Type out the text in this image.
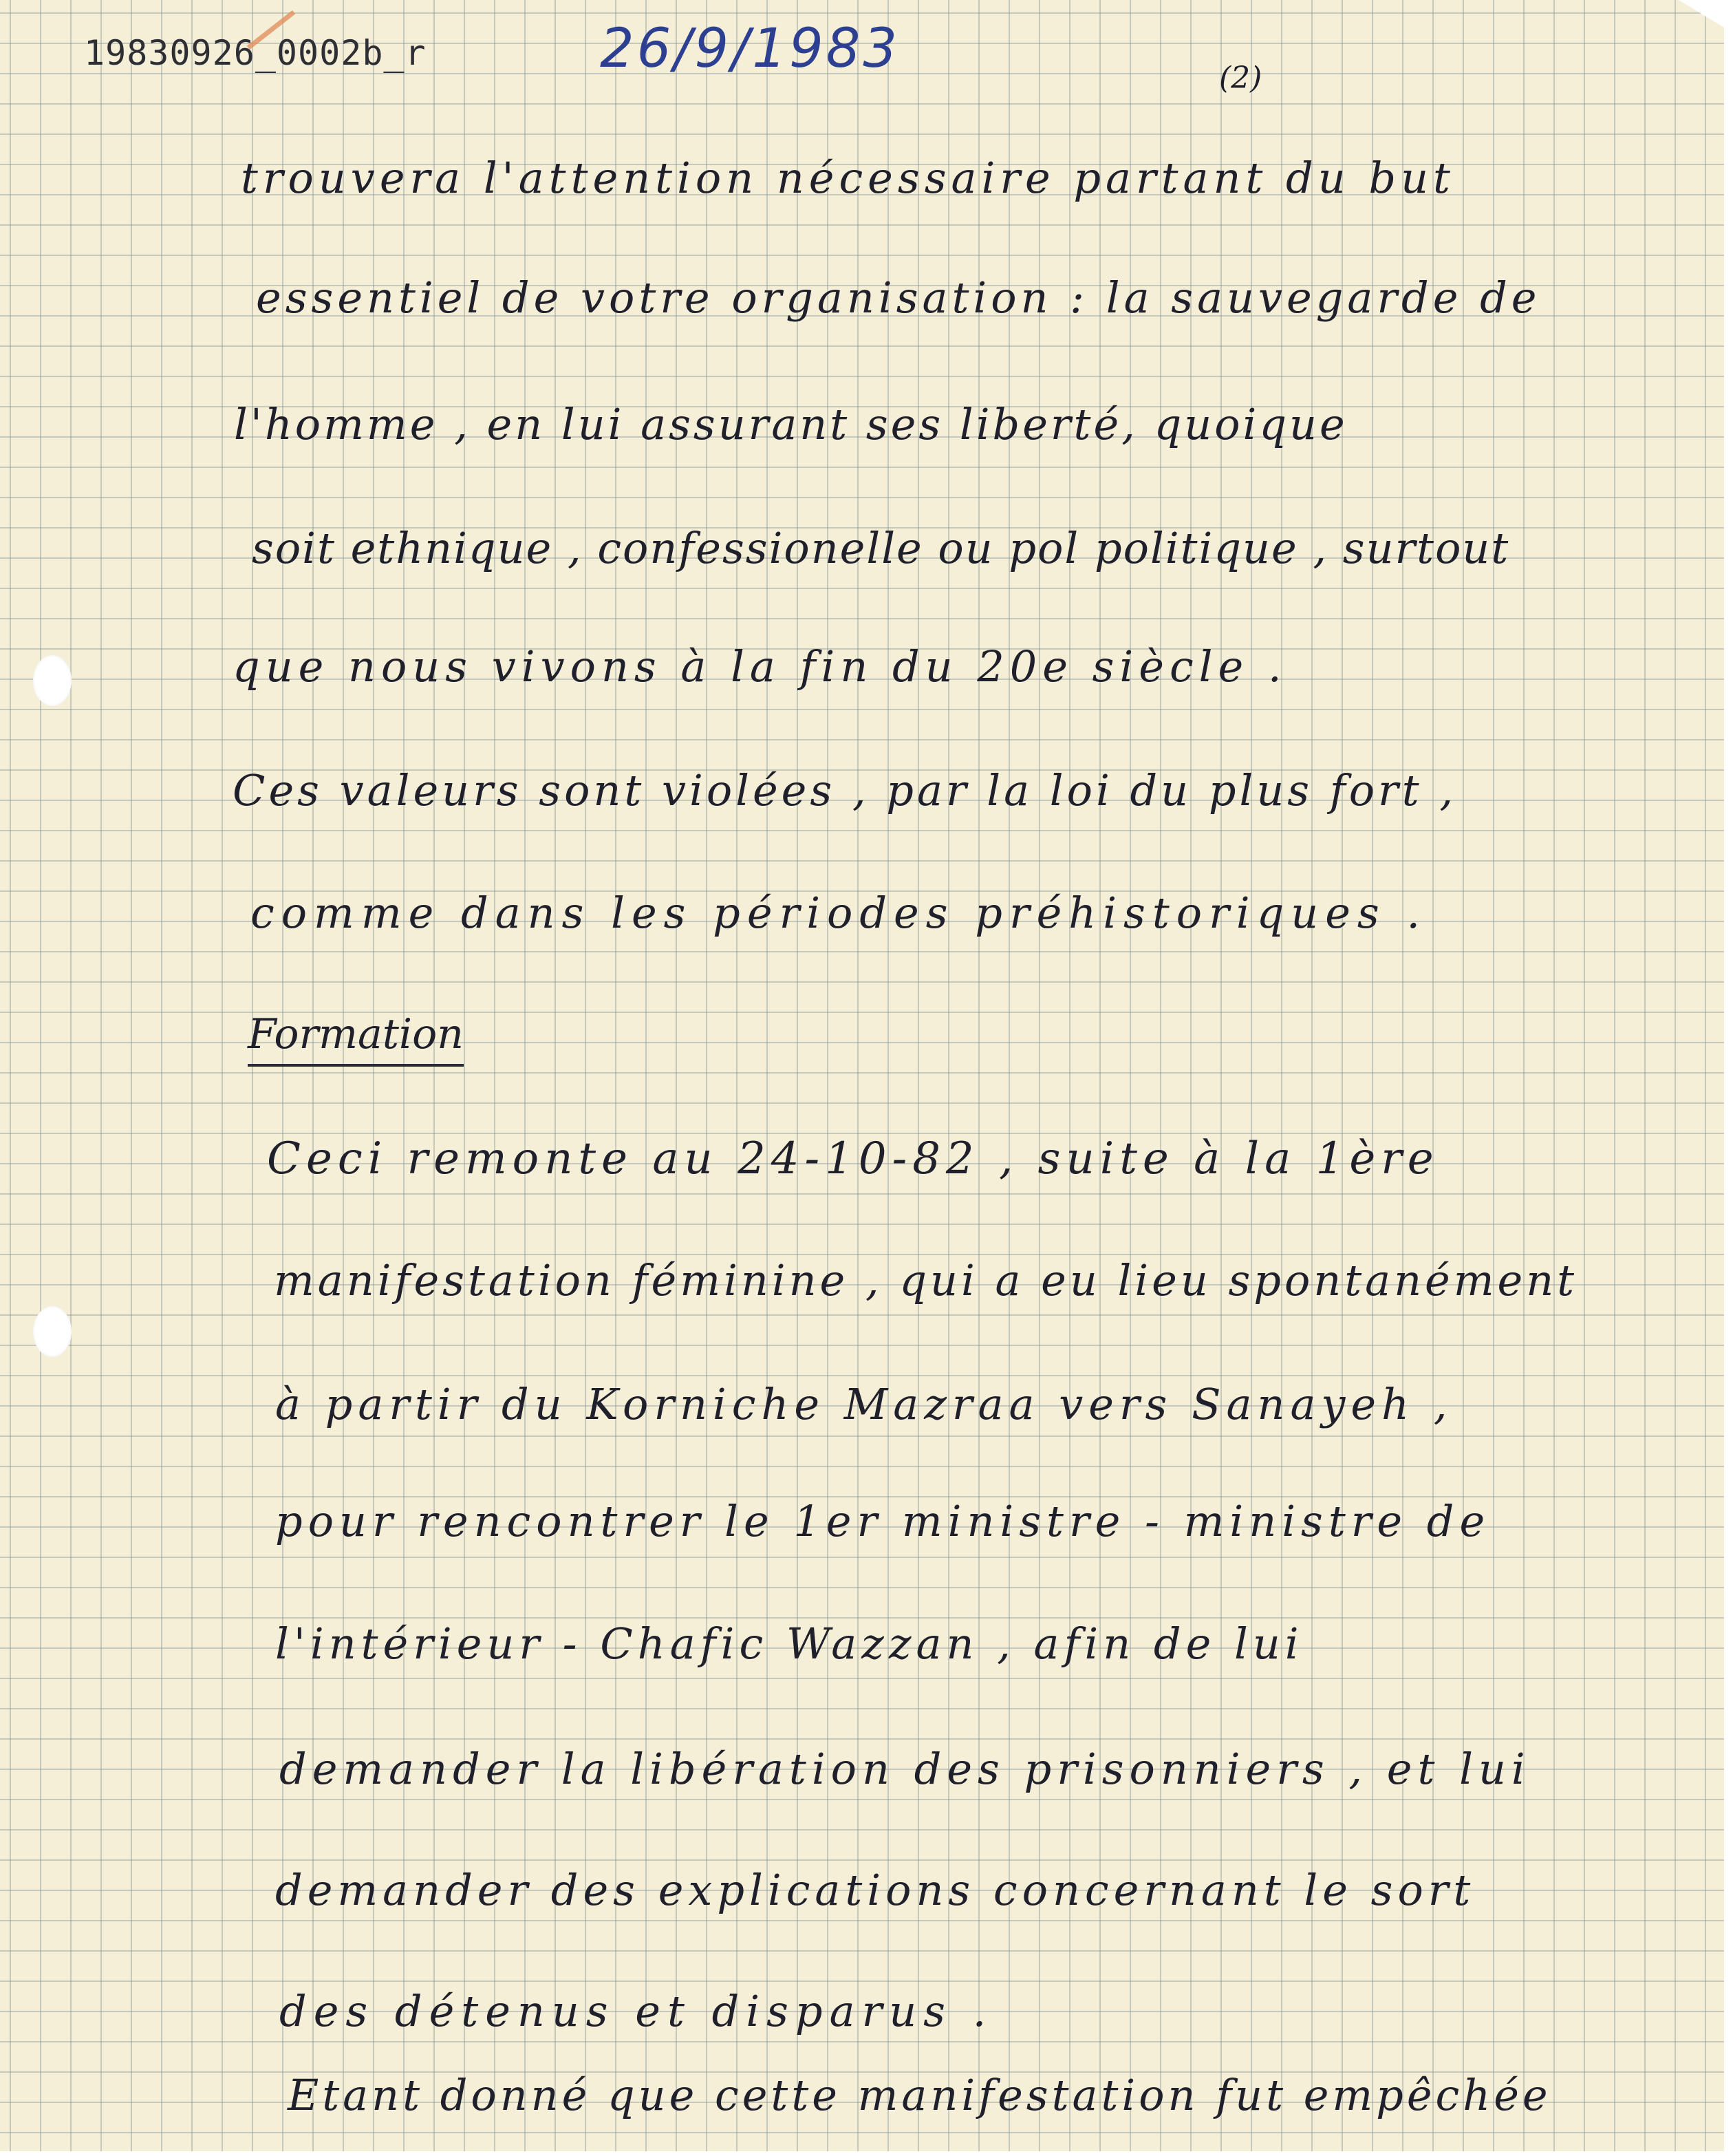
19830926_0002b_r	26/9/1983	(2)
trouvera l'attention nécessaire partant du but
essentiel de votre organisation : la sauvegarde de
l'homme , en lui assurant ses liberté, quoique
soit ethnique , confessionelle ou pol politique , surtout
que nous vivons à la fin du 20e siècle .
Ces valeurs sont violées , par la loi du plus fort ,
comme dans les périodes préhistoriques .
Formation
Ceci remonte au 24-10-82 , suite à la 1ère
manifestation féminine , qui a eu lieu spontanément
à partir du Korniche Mazraa vers Sanayeh ,
pour rencontrer le 1er ministre - ministre de
l'intérieur - Chafic Wazzan , afin de lui
demander la libération des prisonniers , et lui
demander des explications concernant le sort
des détenus et disparus .
Etant donné que cette manifestation fut empêchée
